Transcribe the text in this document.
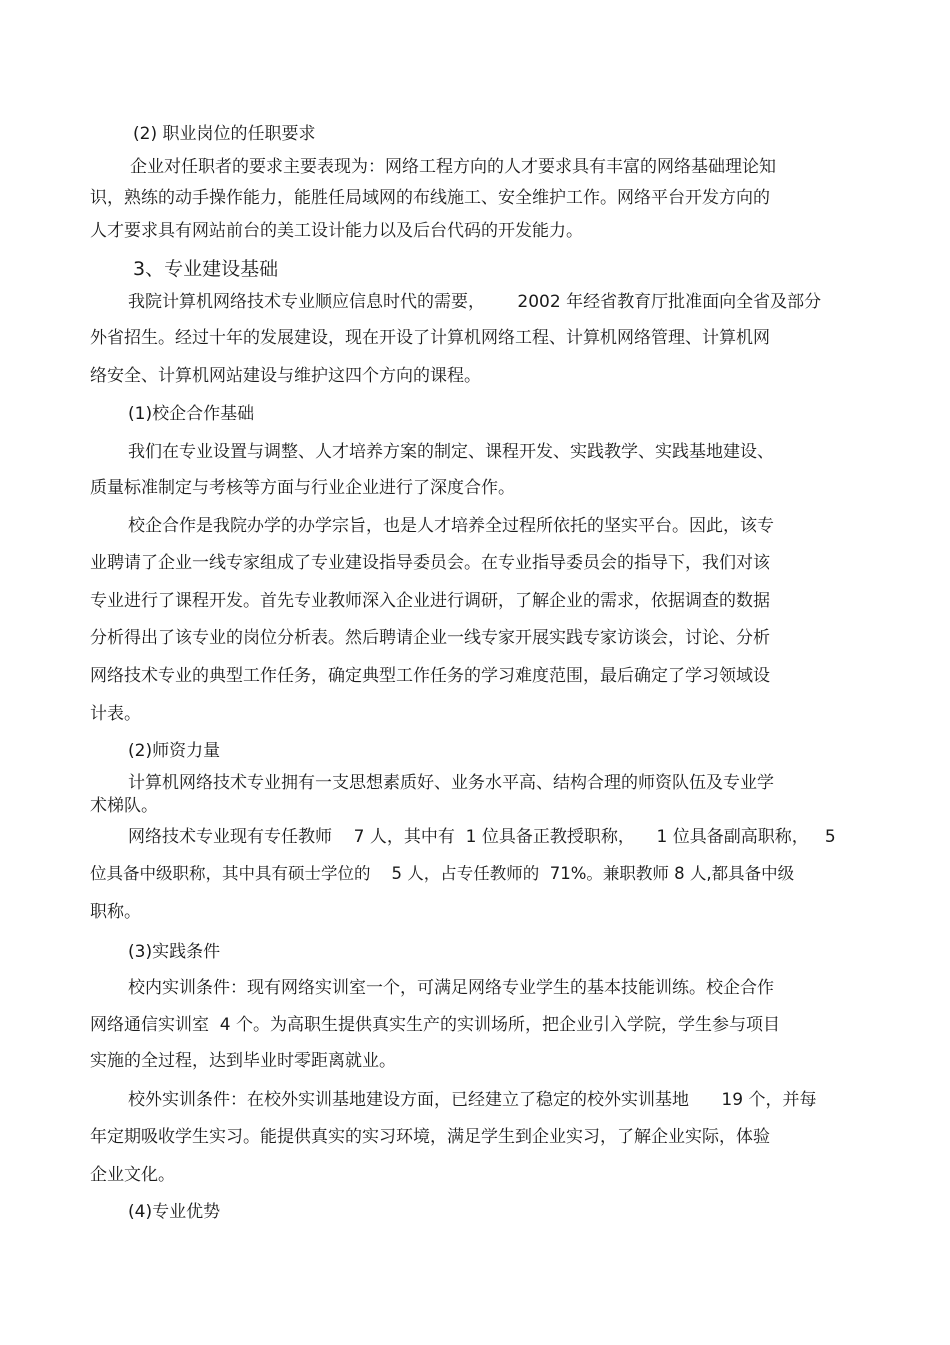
(2) 职业岗位的任职要求

企业对任职者的要求主要表现为：网络工程方向的人才要求具有丰富的网络基础理论知

识，熟练的动手操作能力，能胜任局域网的布线施工、安全维护工作。网络平台开发方向的

人才要求具有网站前台的美工设计能力以及后台代码的开发能力。

3、专业建设基础

我院计算机网络技术专业顺应信息时代的需要，      2002 年经省教育厅批准面向全省及部分

外省招生。经过十年的发展建设，现在开设了计算机网络工程、计算机网络管理、计算机网

络安全、计算机网站建设与维护这四个方向的课程。

(1)校企合作基础

我们在专业设置与调整、人才培养方案的制定、课程开发、实践教学、实践基地建设、

质量标准制定与考核等方面与行业企业进行了深度合作。

校企合作是我院办学的办学宗旨，也是人才培养全过程所依托的坚实平台。因此，该专

业聘请了企业一线专家组成了专业建设指导委员会。在专业指导委员会的指导下，我们对该

专业进行了课程开发。首先专业教师深入企业进行调研，了解企业的需求，依据调查的数据

分析得出了该专业的岗位分析表。然后聘请企业一线专家开展实践专家访谈会，讨论、分析

网络技术专业的典型工作任务，确定典型工作任务的学习难度范围，最后确定了学习领域设

计表。

(2)师资力量

计算机网络技术专业拥有一支思想素质好、业务水平高、结构合理的师资队伍及专业学

术梯队。

网络技术专业现有专任教师    7 人，其中有  1 位具备正教授职称，    1 位具备副高职称，   5

位具备中级职称，其中具有硕士学位的    5 人，占专任教师的  71%。兼职教师 8 人,都具备中级

职称。

(3)实践条件

校内实训条件：现有网络实训室一个，可满足网络专业学生的基本技能训练。校企合作

网络通信实训室  4 个。为高职生提供真实生产的实训场所，把企业引入学院，学生参与项目

实施的全过程，达到毕业时零距离就业。

校外实训条件：在校外实训基地建设方面，已经建立了稳定的校外实训基地      19 个，并每

年定期吸收学生实习。能提供真实的实习环境，满足学生到企业实习，了解企业实际，体验

企业文化。

(4)专业优势
